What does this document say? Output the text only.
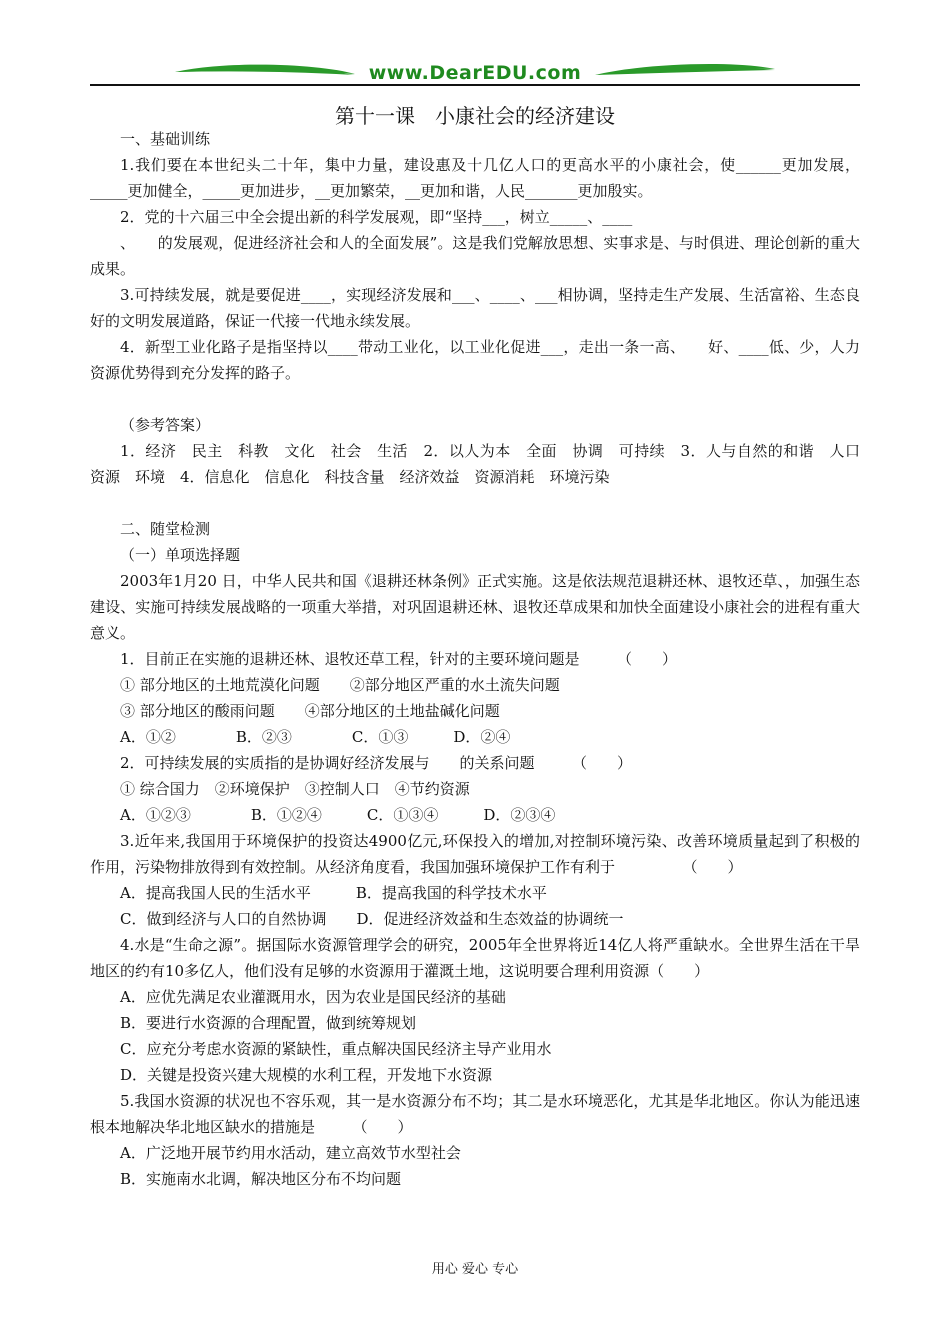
www.DearEDU.com
第十一课　小康社会的经济建设

一、基础训练

1.我们要在本世纪头二十年，集中力量，建设惠及十几亿人口的更高水平的小康社会，使______更加发展，_____更加健全，_____更加进步，__更加繁荣，__更加和谐，人民_______更加殷实。

2．党的十六届三中全会提出新的科学发展观，即“坚持___，树立_____、____

、　　的发展观，促进经济社会和人的全面发展”。这是我们党解放思想、实事求是、与时俱进、理论创新的重大成果。

3.可持续发展，就是要促进____，实现经济发展和___、____、___相协调，坚持走生产发展、生活富裕、生态良好的文明发展道路，保证一代接一代地永续发展。

4．新型工业化路子是指坚持以____带动工业化，以工业化促进___，走出一条一高、　　好、____低、少，人力资源优势得到充分发挥的路子。

（参考答案）

1．经济　民主　科教　文化　社会　生活　2．以人为本　全面　协调　可持续　3．人与自然的和谐　人口　资源　环境　4．信息化　信息化　科技含量　经济效益　资源消耗　环境污染

二、随堂检测

（一）单项选择题

2003年1月20 日，中华人民共和国《退耕还林条例》正式实施。这是依法规范退耕还林、退牧还草、，加强生态建设、实施可持续发展战略的一项重大举措，对巩固退耕还林、退牧还草成果和加快全面建设小康社会的进程有重大意义。

1．目前正在实施的退耕还林、退牧还草工程，针对的主要环境问题是　　　（　　）

① 部分地区的土地荒漠化问题　　②部分地区严重的水土流失问题

③ 部分地区的酸雨问题　　④部分地区的土地盐碱化问题

A．①②　　　　B．②③　　　　C．①③　　　D．②④

2．可持续发展的实质指的是协调好经济发展与　　的关系问题　　　（　　）

① 综合国力　②环境保护　③控制人口　④节约资源

A．①②③　　　　B．①②④　　　C．①③④　　　D．②③④

3.近年来,我国用于环境保护的投资达4900亿元,环保投入的增加,对控制环境污染、改善环境质量起到了积极的作用，污染物排放得到有效控制。从经济角度看，我国加强环境保护工作有利于　　　　　（　　）

A．提高我国人民的生活水平　　　B．提高我国的科学技术水平

C．做到经济与人口的自然协调　　D．促进经济效益和生态效益的协调统一

4.水是“生命之源”。据国际水资源管理学会的研究，2005年全世界将近14亿人将严重缺水。全世界生活在干旱地区的约有10多亿人，他们没有足够的水资源用于灌溉土地，这说明要合理利用资源（　　）

A．应优先满足农业灌溉用水，因为农业是国民经济的基础

B．要进行水资源的合理配置，做到统筹规划

C．应充分考虑水资源的紧缺性，重点解决国民经济主导产业用水

D．关键是投资兴建大规模的水利工程，开发地下水资源

5.我国水资源的状况也不容乐观，其一是水资源分布不均；其二是水环境恶化，尤其是华北地区。你认为能迅速根本地解决华北地区缺水的措施是　　　（　　）

A．广泛地开展节约用水活动，建立高效节水型社会

B．实施南水北调，解决地区分布不均问题

用心 爱心 专心
